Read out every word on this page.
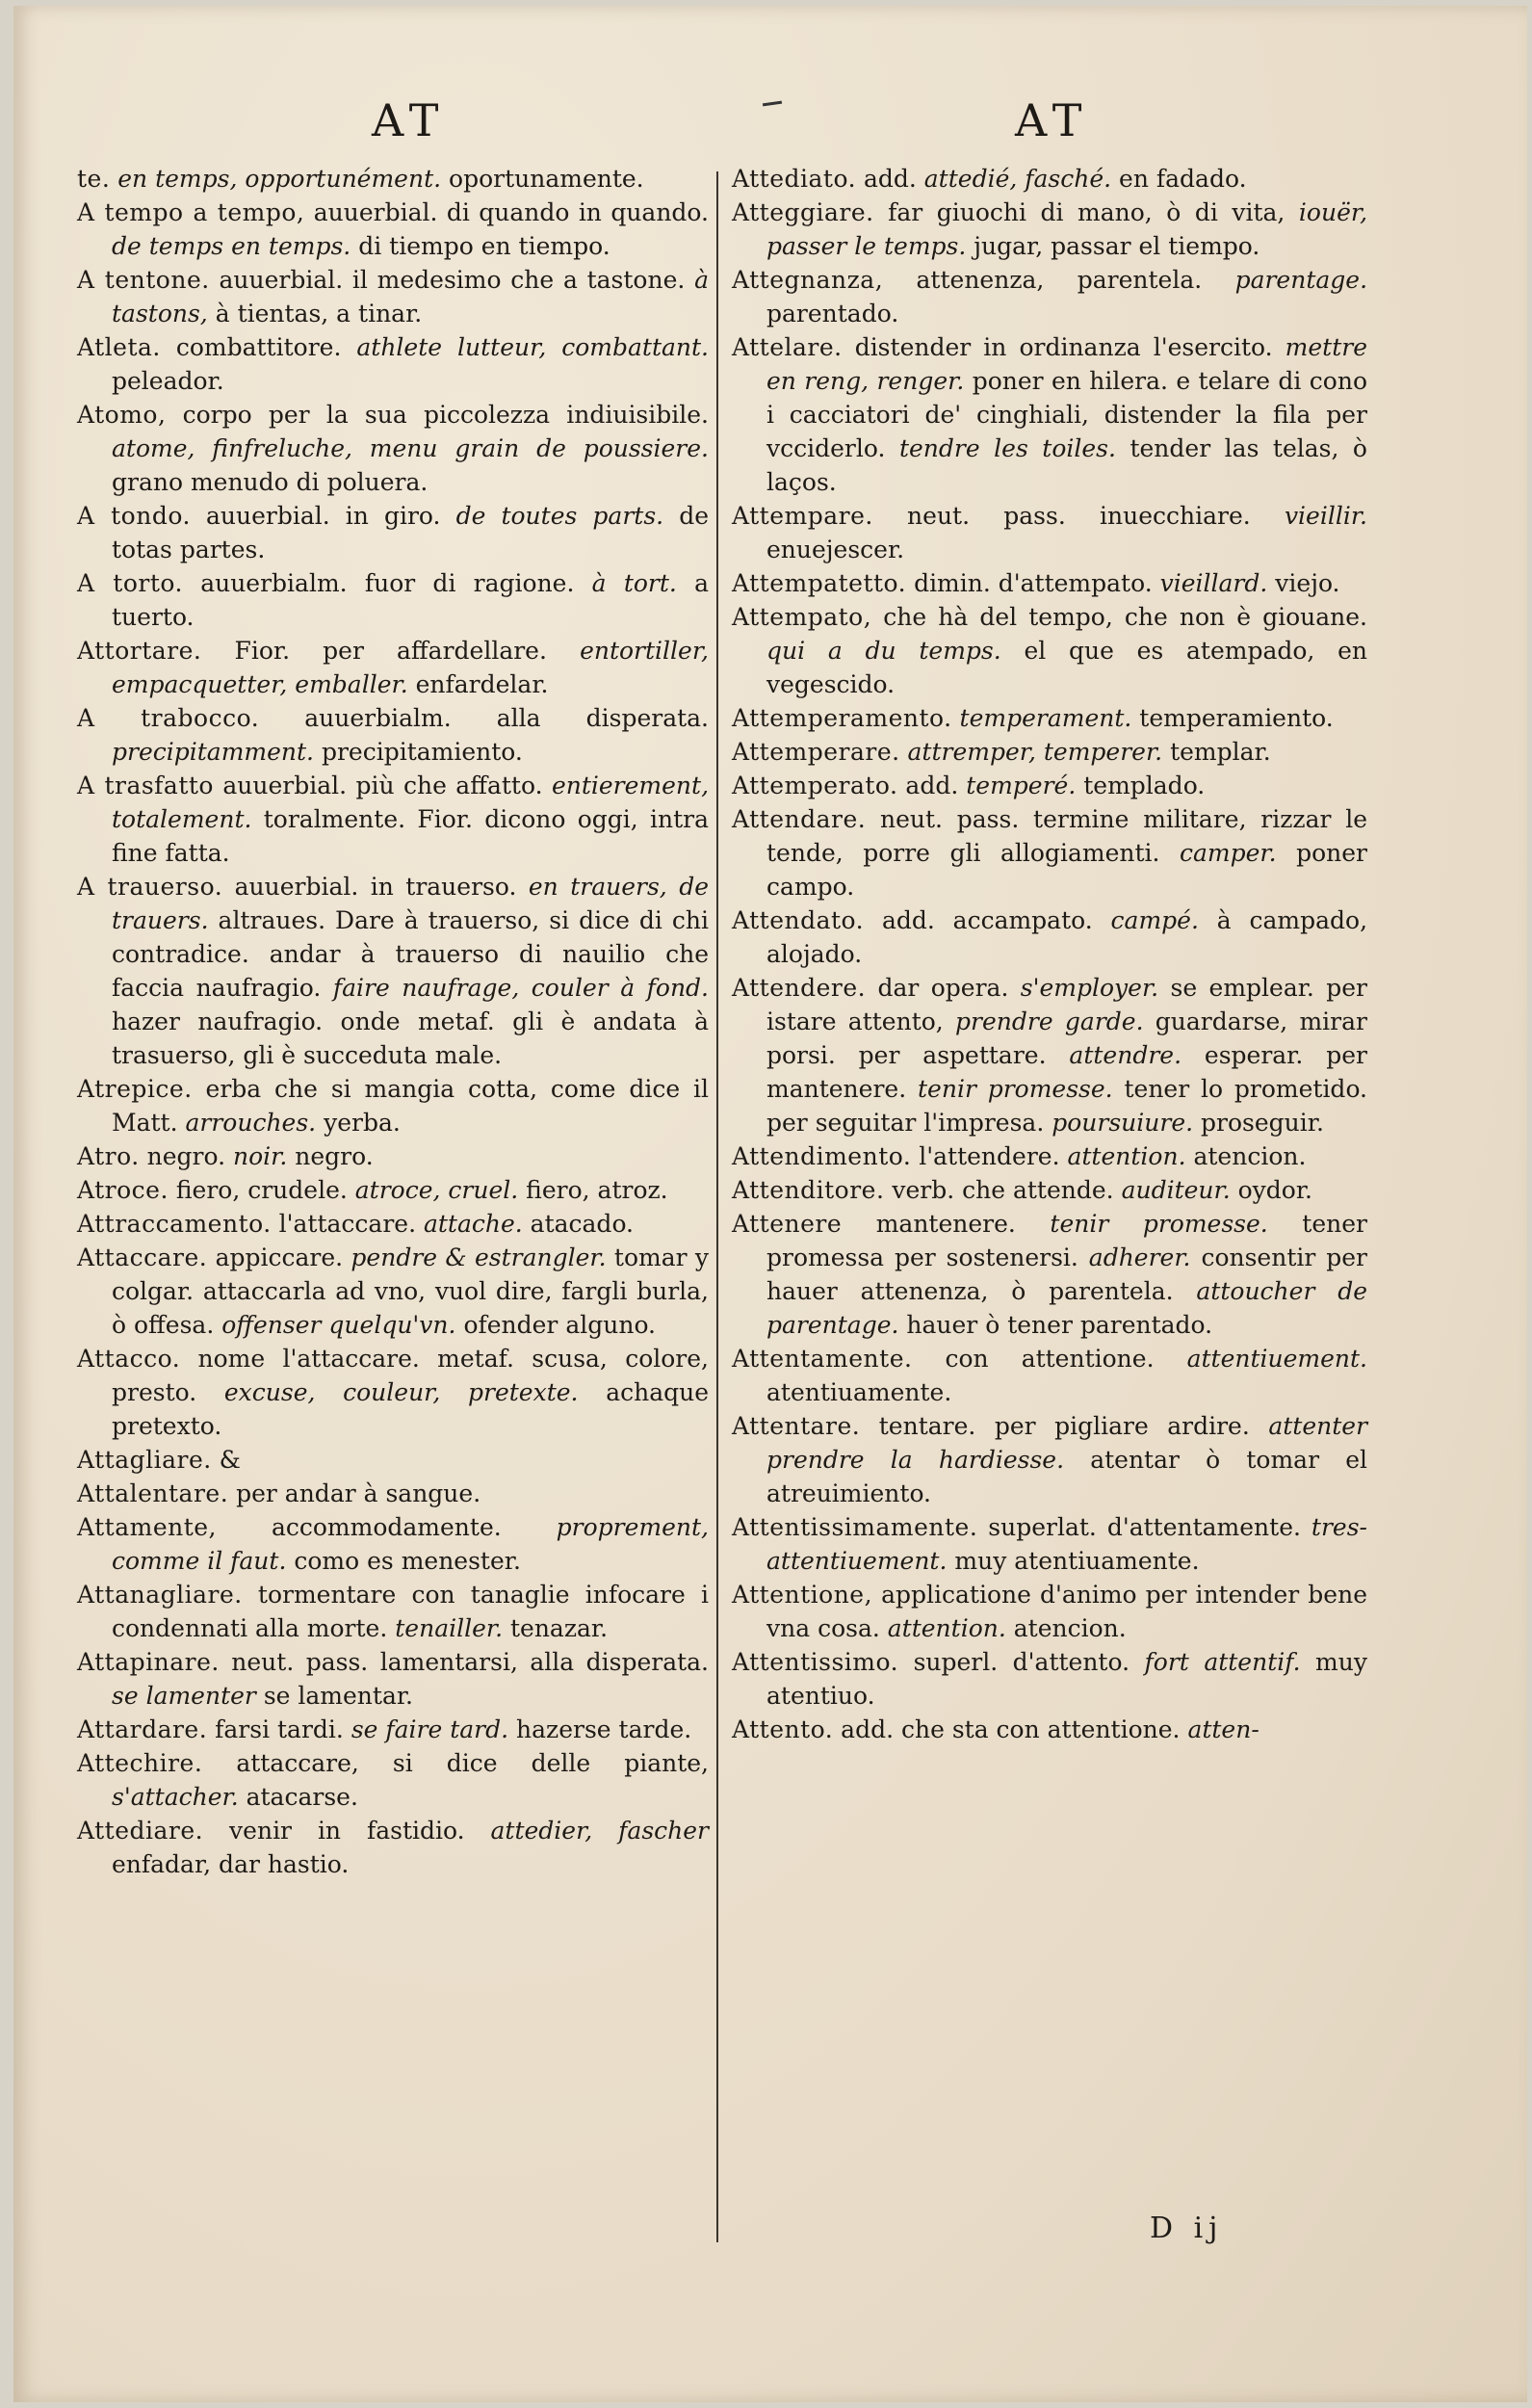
AT	AT

te. en temps, opportunément. oportunamente.

A tempo a tempo, auuerbial. di quando in quando. de temps en temps. di tiempo en tiempo.

A tentone. auuerbial. il medesimo che a tastone. à tastons, à tientas, a tinar.

Atleta. combattitore. athlete lutteur, combattant. peleador.

Atomo, corpo per la sua piccolezza indiuisibile. atome, finfreluche, menu grain de poussiere. grano menudo di poluera.

A tondo. auuerbial. in giro. de toutes parts. de totas partes.

A torto. auuerbialm. fuor di ragione. à tort. a tuerto.

Attortare. Fior. per affardellare. entortiller, empacquetter, emballer. enfardelar.

A trabocco. auuerbialm. alla disperata. precipitamment. precipitamiento.

A trasfatto auuerbial. più che affatto. entierement, totalement. toralmente. Fior. dicono oggi, intra fine fatta.

A trauerso. auuerbial. in trauerso. en trauers, de trauers. altraues. Dare à trauerso, si dice di chi contradice. andar à trauerso di nauilio che faccia naufragio. faire naufrage, couler à fond. hazer naufragio. onde metaf. gli è andata à trasuerso, gli è succeduta male.

Atrepice. erba che si mangia cotta, come dice il Matt. arrouches. yerba.

Atro. negro. noir. negro.

Atroce. fiero, crudele. atroce, cruel. fiero, atroz.

Attraccamento. l'attaccare. attache. atacado.

Attaccare. appiccare. pendre & estrangler. tomar y colgar. attaccarla ad vno, vuol dire, fargli burla, ò offesa. offenser quelqu'vn. ofender alguno.

Attacco. nome l'attaccare. metaf. scusa, colore, presto. excuse, couleur, pretexte. achaque pretexto.

Attagliare. &

Attalentare. per andar à sangue.

Attamente, accommodamente. proprement, comme il faut. como es menester.

Attanagliare. tormentare con tanaglie infocare i condennati alla morte. tenailler. tenazar.

Attapinare. neut. pass. lamentarsi, alla disperata. se lamenter se lamentar.

Attardare. farsi tardi. se faire tard. hazerse tarde.

Attechire. attaccare, si dice delle piante, s'attacher. atacarse.

Attediare. venir in fastidio. attedier, fascher enfadar, dar hastio.

Attediato. add. attedié, fasché. en fadado.

Atteggiare. far giuochi di mano, ò di vita, iouër, passer le temps. jugar, passar el tiempo.

Attegnanza, attenenza, parentela. parentage. parentado.

Attelare. distender in ordinanza l'esercito. mettre en reng, renger. poner en hilera. e telare di cono i cacciatori de' cinghiali, distender la fila per vcciderlo. tendre les toiles. tender las telas, ò laços.

Attempare. neut. pass. inuecchiare. vieillir. enuejescer.

Attempatetto. dimin. d'attempato. vieillard. viejo.

Attempato, che hà del tempo, che non è giouane. qui a du temps. el que es atempado, en vegescido.

Attemperamento. temperament. temperamiento.

Attemperare. attremper, temperer. templar.

Attemperato. add. temperé. templado.

Attendare. neut. pass. termine militare, rizzar le tende, porre gli allogiamenti. camper. poner campo.

Attendato. add. accampato. campé. à campado, alojado.

Attendere. dar opera. s'employer. se emplear. per istare attento, prendre garde. guardarse, mirar porsi. per aspettare. attendre. esperar. per mantenere. tenir promesse. tener lo prometido. per seguitar l'impresa. poursuiure. proseguir.

Attendimento. l'attendere. attention. atencion.

Attenditore. verb. che attende. auditeur. oydor.

Attenere mantenere. tenir promesse. tener promessa per sostenersi. adherer. consentir per hauer attenenza, ò parentela. attoucher de parentage. hauer ò tener parentado.

Attentamente. con attentione. attentiuement. atentiuamente.

Attentare. tentare. per pigliare ardire. attenter prendre la hardiesse. atentar ò tomar el atreuimiento.

Attentissimamente. superlat. d'attentamente. tres-attentiuement. muy atentiuamente.

Attentione, applicatione d'animo per intender bene vna cosa. attention. atencion.

Attentissimo. superl. d'attento. fort attentif. muy atentiuo.

Attento. add. che sta con attentione. atten-

D ij
